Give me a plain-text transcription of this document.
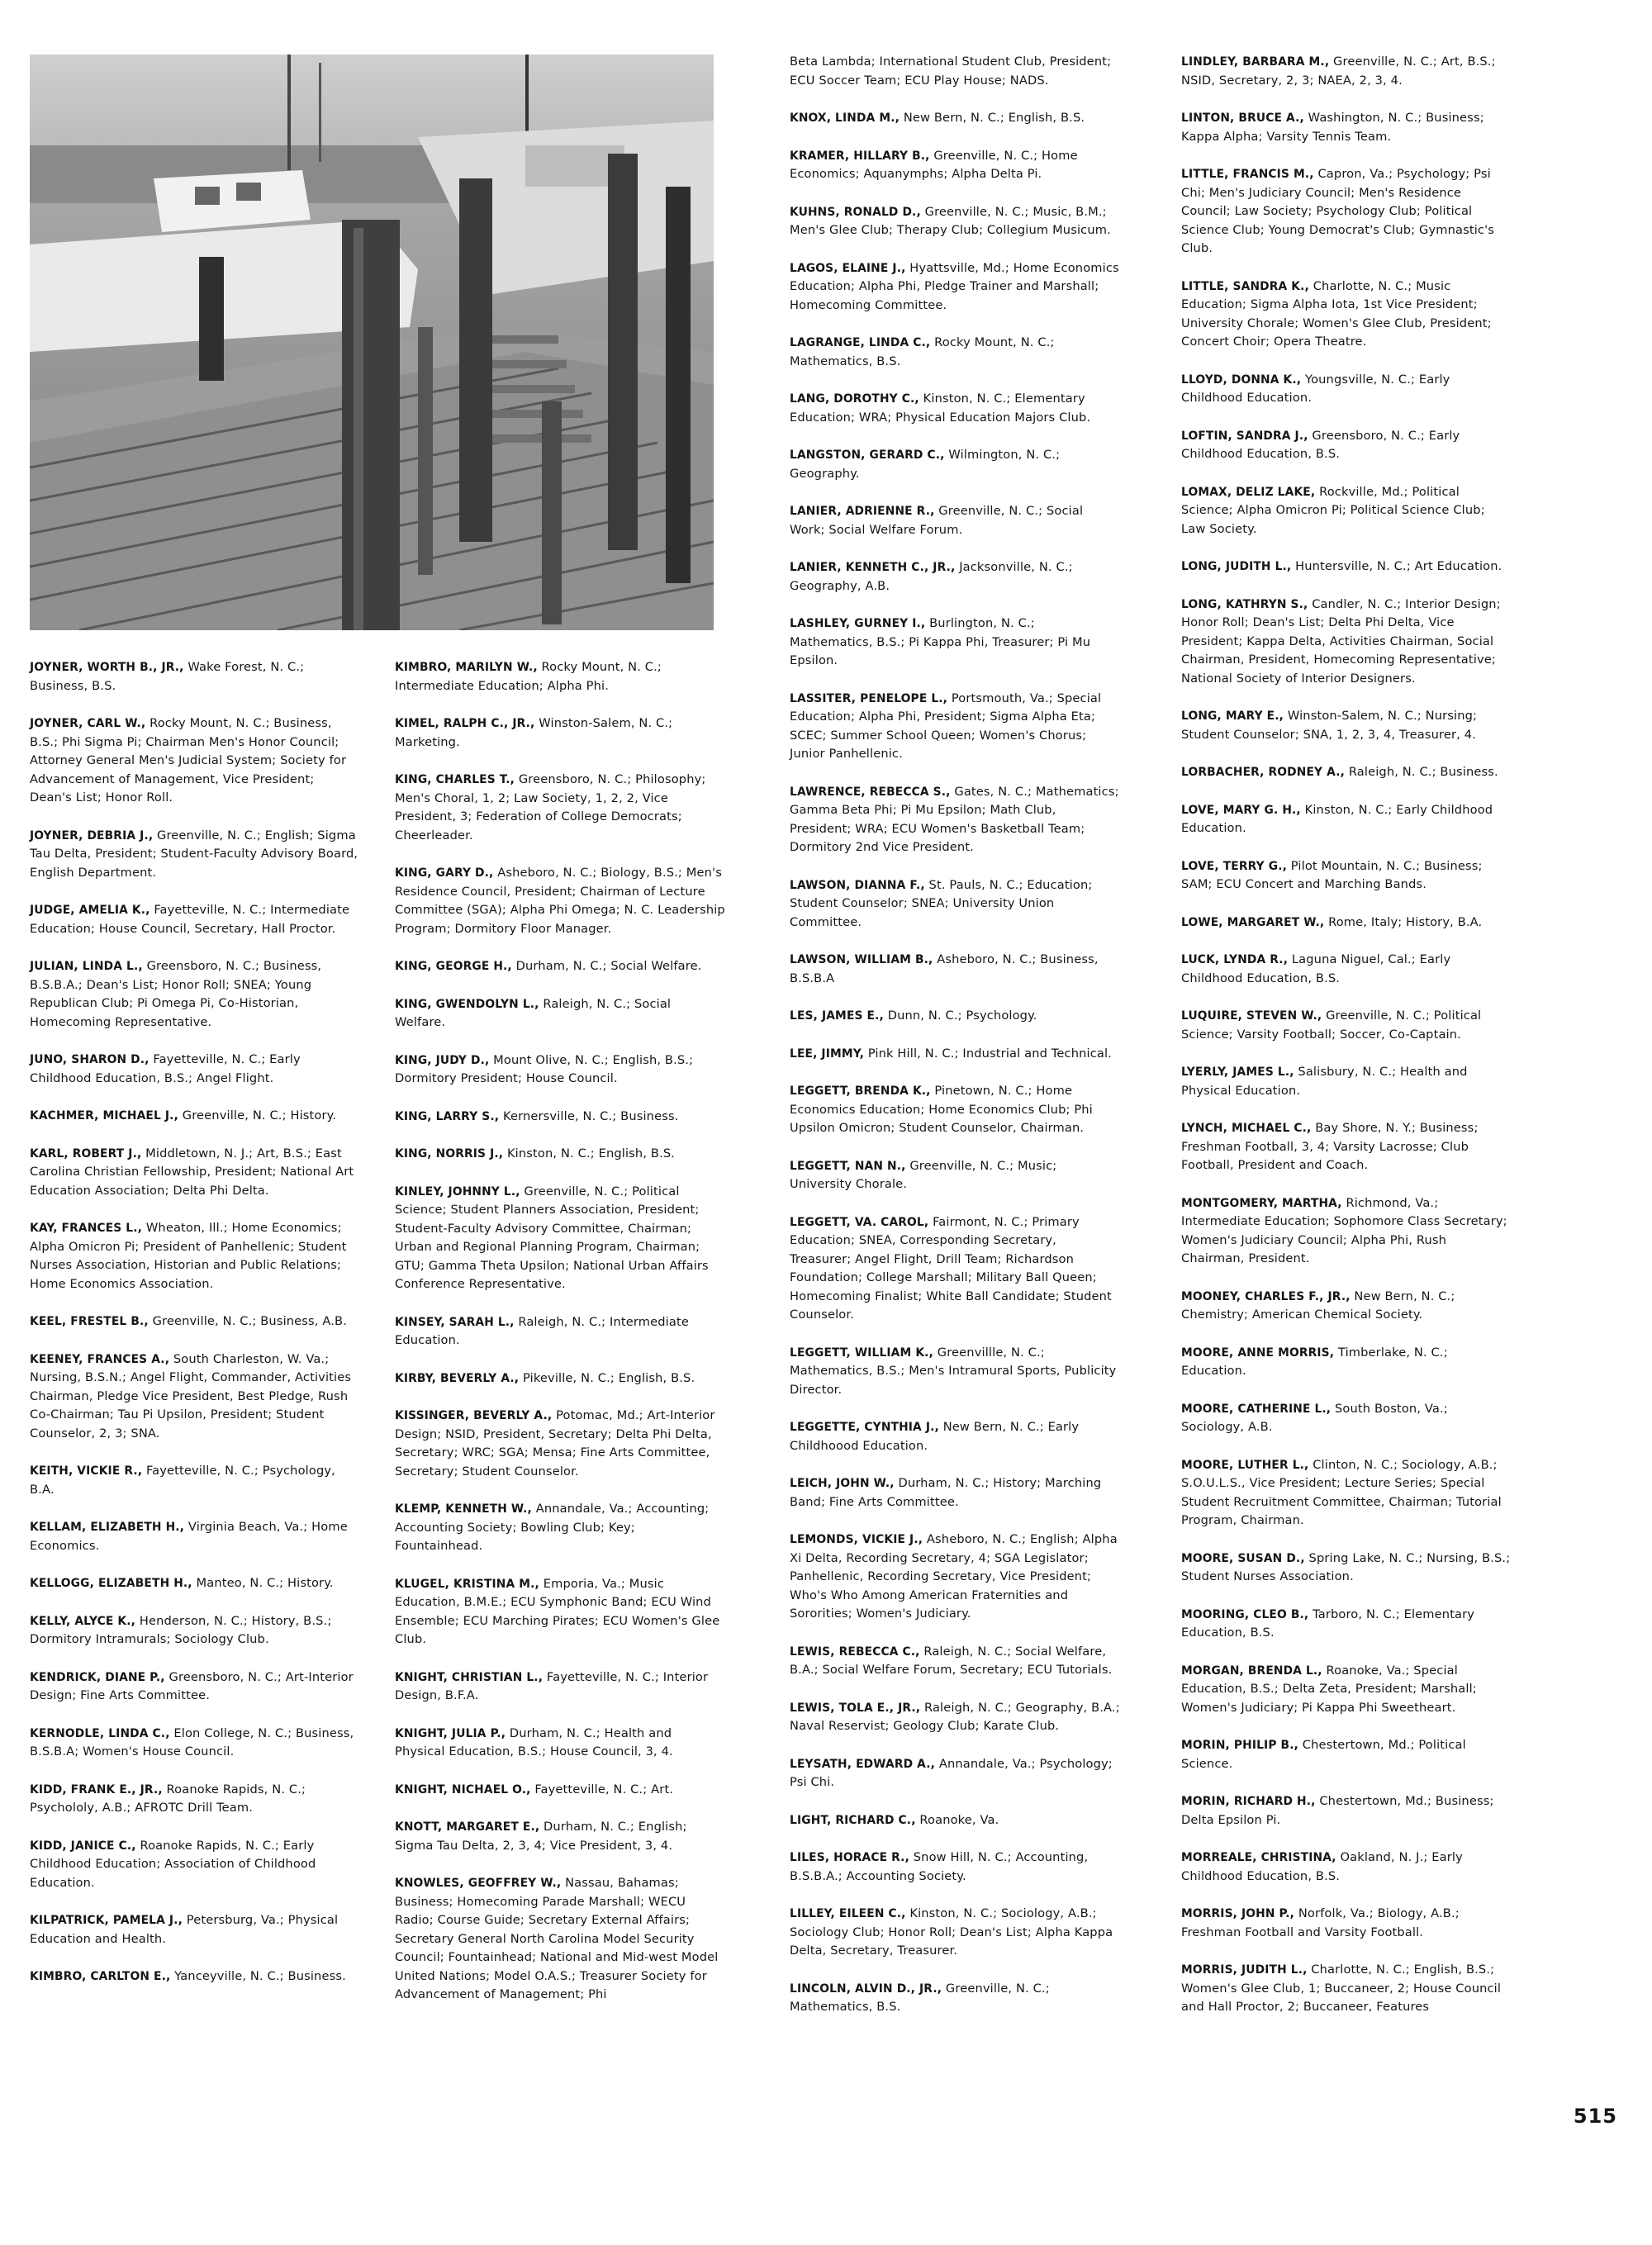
JOYNER, WORTH B., JR., Wake Forest, N. C.; Business, B.S.
JOYNER, CARL W., Rocky Mount, N. C.; Business, B.S.; Phi Sigma Pi; Chairman Men's Honor Council; Attorney General Men's Judicial System; Society for Advancement of Management, Vice President; Dean's List; Honor Roll.
JOYNER, DEBRIA J., Greenville, N. C.; English; Sigma Tau Delta, President; Student-Faculty Advisory Board, English Department.
JUDGE, AMELIA K., Fayetteville, N. C.; Intermediate Education; House Council, Secretary, Hall Proctor.
JULIAN, LINDA L., Greensboro, N. C.; Business, B.S.B.A.; Dean's List; Honor Roll; SNEA; Young Republican Club; Pi Omega Pi, Co-Historian, Homecoming Representative.
JUNO, SHARON D., Fayetteville, N. C.; Early Childhood Education, B.S.; Angel Flight.
KACHMER, MICHAEL J., Greenville, N. C.; History.
KARL, ROBERT J., Middletown, N. J.; Art, B.S.; East Carolina Christian Fellowship, President; National Art Education Association; Delta Phi Delta.
KAY, FRANCES L., Wheaton, Ill.; Home Economics; Alpha Omicron Pi; President of Panhellenic; Student Nurses Association, Historian and Public Relations; Home Economics Association.
KEEL, FRESTEL B., Greenville, N. C.; Business, A.B.
KEENEY, FRANCES A., South Charleston, W. Va.; Nursing, B.S.N.; Angel Flight, Commander, Activities Chairman, Pledge Vice President, Best Pledge, Rush Co-Chairman; Tau Pi Upsilon, President; Student Counselor, 2, 3; SNA.
KEITH, VICKIE R., Fayetteville, N. C.; Psychology, B.A.
KELLAM, ELIZABETH H., Virginia Beach, Va.; Home Economics.
KELLOGG, ELIZABETH H., Manteo, N. C.; History.
KELLY, ALYCE K., Henderson, N. C.; History, B.S.; Dormitory Intramurals; Sociology Club.
KENDRICK, DIANE P., Greensboro, N. C.; Art-Interior Design; Fine Arts Committee.
KERNODLE, LINDA C., Elon College, N. C.; Business, B.S.B.A; Women's House Council.
KIDD, FRANK E., JR., Roanoke Rapids, N. C.; Psychololy, A.B.; AFROTC Drill Team.
KIDD, JANICE C., Roanoke Rapids, N. C.; Early Childhood Education; Association of Childhood Education.
KILPATRICK, PAMELA J., Petersburg, Va.; Physical Education and Health.
KIMBRO, CARLTON E., Yanceyville, N. C.; Business.
KIMBRO, MARILYN W., Rocky Mount, N. C.; Intermediate Education; Alpha Phi.
KIMEL, RALPH C., JR., Winston-Salem, N. C.; Marketing.
KING, CHARLES T., Greensboro, N. C.; Philosophy; Men's Choral, 1, 2; Law Society, 1, 2, 2, Vice President, 3; Federation of College Democrats; Cheerleader.
KING, GARY D., Asheboro, N. C.; Biology, B.S.; Men's Residence Council, President; Chairman of Lecture Committee (SGA); Alpha Phi Omega; N. C. Leadership Program; Dormitory Floor Manager.
KING, GEORGE H., Durham, N. C.; Social Welfare.
KING, GWENDOLYN L., Raleigh, N. C.; Social Welfare.
KING, JUDY D., Mount Olive, N. C.; English, B.S.; Dormitory President; House Council.
KING, LARRY S., Kernersville, N. C.; Business.
KING, NORRIS J., Kinston, N. C.; English, B.S.
KINLEY, JOHNNY L., Greenville, N. C.; Political Science; Student Planners Association, President; Student-Faculty Advisory Committee, Chairman; Urban and Regional Planning Program, Chairman; GTU; Gamma Theta Upsilon; National Urban Affairs Conference Representative.
KINSEY, SARAH L., Raleigh, N. C.; Intermediate Education.
KIRBY, BEVERLY A., Pikeville, N. C.; English, B.S.
KISSINGER, BEVERLY A., Potomac, Md.; Art-Interior Design; NSID, President, Secretary; Delta Phi Delta, Secretary; WRC; SGA; Mensa; Fine Arts Committee, Secretary; Student Counselor.
KLEMP, KENNETH W., Annandale, Va.; Accounting; Accounting Society; Bowling Club; Key; Fountainhead.
KLUGEL, KRISTINA M., Emporia, Va.; Music Education, B.M.E.; ECU Symphonic Band; ECU Wind Ensemble; ECU Marching Pirates; ECU Women's Glee Club.
KNIGHT, CHRISTIAN L., Fayetteville, N. C.; Interior Design, B.F.A.
KNIGHT, JULIA P., Durham, N. C.; Health and Physical Education, B.S.; House Council, 3, 4.
KNIGHT, NICHAEL O., Fayetteville, N. C.; Art.
KNOTT, MARGARET E., Durham, N. C.; English; Sigma Tau Delta, 2, 3, 4; Vice President, 3, 4.
KNOWLES, GEOFFREY W., Nassau, Bahamas; Business; Homecoming Parade Marshall; WECU Radio; Course Guide; Secretary External Affairs; Secretary General North Carolina Model Security Council; Fountainhead; National and Mid-west Model United Nations; Model O.A.S.; Treasurer Society for Advancement of Management; Phi
Beta Lambda; International Student Club, President; ECU Soccer Team; ECU Play House; NADS.
KNOX, LINDA M., New Bern, N. C.; English, B.S.
KRAMER, HILLARY B., Greenville, N. C.; Home Economics; Aquanymphs; Alpha Delta Pi.
KUHNS, RONALD D., Greenville, N. C.; Music, B.M.; Men's Glee Club; Therapy Club; Collegium Musicum.
LAGOS, ELAINE J., Hyattsville, Md.; Home Economics Education; Alpha Phi, Pledge Trainer and Marshall; Homecoming Committee.
LAGRANGE, LINDA C., Rocky Mount, N. C.; Mathematics, B.S.
LANG, DOROTHY C., Kinston, N. C.; Elementary Education; WRA; Physical Education Majors Club.
LANGSTON, GERARD C., Wilmington, N. C.; Geography.
LANIER, ADRIENNE R., Greenville, N. C.; Social Work; Social Welfare Forum.
LANIER, KENNETH C., JR., Jacksonville, N. C.; Geography, A.B.
LASHLEY, GURNEY I., Burlington, N. C.; Mathematics, B.S.; Pi Kappa Phi, Treasurer; Pi Mu Epsilon.
LASSITER, PENELOPE L., Portsmouth, Va.; Special Education; Alpha Phi, President; Sigma Alpha Eta; SCEC; Summer School Queen; Women's Chorus; Junior Panhellenic.
LAWRENCE, REBECCA S., Gates, N. C.; Mathematics; Gamma Beta Phi; Pi Mu Epsilon; Math Club, President; WRA; ECU Women's Basketball Team; Dormitory 2nd Vice President.
LAWSON, DIANNA F., St. Pauls, N. C.; Education; Student Counselor; SNEA; University Union Committee.
LAWSON, WILLIAM B., Asheboro, N. C.; Business, B.S.B.A
LES, JAMES E., Dunn, N. C.; Psychology.
LEE, JIMMY, Pink Hill, N. C.; Industrial and Technical.
LEGGETT, BRENDA K., Pinetown, N. C.; Home Economics Education; Home Economics Club; Phi Upsilon Omicron; Student Counselor, Chairman.
LEGGETT, NAN N., Greenville, N. C.; Music; University Chorale.
LEGGETT, VA. CAROL, Fairmont, N. C.; Primary Education; SNEA, Corresponding Secretary, Treasurer; Angel Flight, Drill Team; Richardson Foundation; College Marshall; Military Ball Queen; Homecoming Finalist; White Ball Candidate; Student Counselor.
LEGGETT, WILLIAM K., Greenvillle, N. C.; Mathematics, B.S.; Men's Intramural Sports, Publicity Director.
LEGGETTE, CYNTHIA J., New Bern, N. C.; Early Childhoood Education.
LEICH, JOHN W., Durham, N. C.; History; Marching Band; Fine Arts Committee.
LEMONDS, VICKIE J., Asheboro, N. C.; English; Alpha Xi Delta, Recording Secretary, 4; SGA Legislator; Panhellenic, Recording Secretary, Vice President; Who's Who Among American Fraternities and Sororities; Women's Judiciary.
LEWIS, REBECCA C., Raleigh, N. C.; Social Welfare, B.A.; Social Welfare Forum, Secretary; ECU Tutorials.
LEWIS, TOLA E., JR., Raleigh, N. C.; Geography, B.A.; Naval Reservist; Geology Club; Karate Club.
LEYSATH, EDWARD A., Annandale, Va.; Psychology; Psi Chi.
LIGHT, RICHARD C., Roanoke, Va.
LILES, HORACE R., Snow Hill, N. C.; Accounting, B.S.B.A.; Accounting Society.
LILLEY, EILEEN C., Kinston, N. C.; Sociology, A.B.; Sociology Club; Honor Roll; Dean's List; Alpha Kappa Delta, Secretary, Treasurer.
LINCOLN, ALVIN D., JR., Greenville, N. C.; Mathematics, B.S.
LINDLEY, BARBARA M., Greenville, N. C.; Art, B.S.; NSID, Secretary, 2, 3; NAEA, 2, 3, 4.
LINTON, BRUCE A., Washington, N. C.; Business; Kappa Alpha; Varsity Tennis Team.
LITTLE, FRANCIS M., Capron, Va.; Psychology; Psi Chi; Men's Judiciary Council; Men's Residence Council; Law Society; Psychology Club; Political Science Club; Young Democrat's Club; Gymnastic's Club.
LITTLE, SANDRA K., Charlotte, N. C.; Music Education; Sigma Alpha Iota, 1st Vice President; University Chorale; Women's Glee Club, President; Concert Choir; Opera Theatre.
LLOYD, DONNA K., Youngsville, N. C.; Early Childhood Education.
LOFTIN, SANDRA J., Greensboro, N. C.; Early Childhood Education, B.S.
LOMAX, DELIZ LAKE, Rockville, Md.; Political Science; Alpha Omicron Pi; Political Science Club; Law Society.
LONG, JUDITH L., Huntersville, N. C.; Art Education.
LONG, KATHRYN S., Candler, N. C.; Interior Design; Honor Roll; Dean's List; Delta Phi Delta, Vice President; Kappa Delta, Activities Chairman, Social Chairman, President, Homecoming Representative; National Society of Interior Designers.
LONG, MARY E., Winston-Salem, N. C.; Nursing; Student Counselor; SNA, 1, 2, 3, 4, Treasurer, 4.
LORBACHER, RODNEY A., Raleigh, N. C.; Business.
LOVE, MARY G. H., Kinston, N. C.; Early Childhood Education.
LOVE, TERRY G., Pilot Mountain, N. C.; Business; SAM; ECU Concert and Marching Bands.
LOWE, MARGARET W., Rome, Italy; History, B.A.
LUCK, LYNDA R., Laguna Niguel, Cal.; Early Childhood Education, B.S.
LUQUIRE, STEVEN W., Greenville, N. C.; Political Science; Varsity Football; Soccer, Co-Captain.
LYERLY, JAMES L., Salisbury, N. C.; Health and Physical Education.
LYNCH, MICHAEL C., Bay Shore, N. Y.; Business; Freshman Football, 3, 4; Varsity Lacrosse; Club Football, President and Coach.
MONTGOMERY, MARTHA, Richmond, Va.; Intermediate Education; Sophomore Class Secretary; Women's Judiciary Council; Alpha Phi, Rush Chairman, President.
MOONEY, CHARLES F., JR., New Bern, N. C.; Chemistry; American Chemical Society.
MOORE, ANNE MORRIS, Timberlake, N. C.; Education.
MOORE, CATHERINE L., South Boston, Va.; Sociology, A.B.
MOORE, LUTHER L., Clinton, N. C.; Sociology, A.B.; S.O.U.L.S., Vice President; Lecture Series; Special Student Recruitment Committee, Chairman; Tutorial Program, Chairman.
MOORE, SUSAN D., Spring Lake, N. C.; Nursing, B.S.; Student Nurses Association.
MOORING, CLEO B., Tarboro, N. C.; Elementary Education, B.S.
MORGAN, BRENDA L., Roanoke, Va.; Special Education, B.S.; Delta Zeta, President; Marshall; Women's Judiciary; Pi Kappa Phi Sweetheart.
MORIN, PHILIP B., Chestertown, Md.; Political Science.
MORIN, RICHARD H., Chestertown, Md.; Business; Delta Epsilon Pi.
MORREALE, CHRISTINA, Oakland, N. J.; Early Childhood Education, B.S.
MORRIS, JOHN P., Norfolk, Va.; Biology, A.B.; Freshman Football and Varsity Football.
MORRIS, JUDITH L., Charlotte, N. C.; English, B.S.; Women's Glee Club, 1; Buccaneer, 2; House Council and Hall Proctor, 2; Buccaneer, Features
515
